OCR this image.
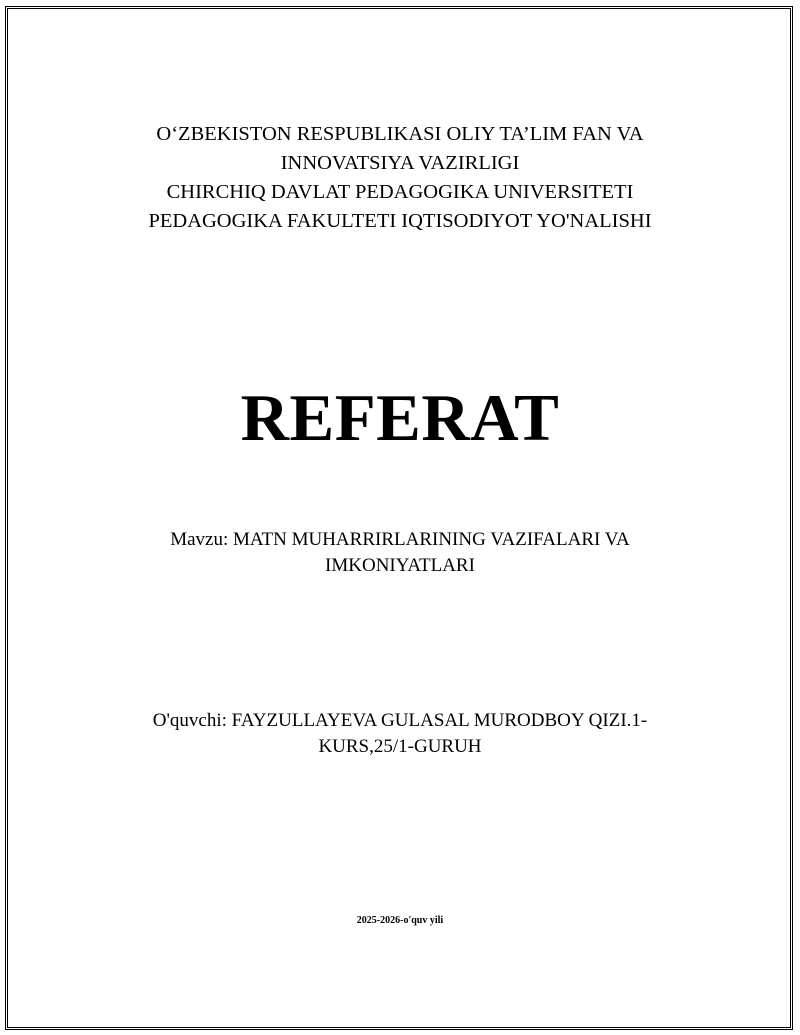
O‘ZBEKISTON RESPUBLIKASI OLIY TA’LIM FAN VA
INNOVATSIYA VAZIRLIGI
CHIRCHIQ DAVLAT PEDAGOGIKA UNIVERSITETI
PEDAGOGIKA FAKULTETI IQTISODIYOT YO'NALISHI
REFERAT
Mavzu: MATN MUHARRIRLARINING VAZIFALARI VA
IMKONIYATLARI
O'quvchi: FAYZULLAYEVA GULASAL MURODBOY QIZI.1-
KURS,25/1-GURUH
2025-2026-o'quv yili
